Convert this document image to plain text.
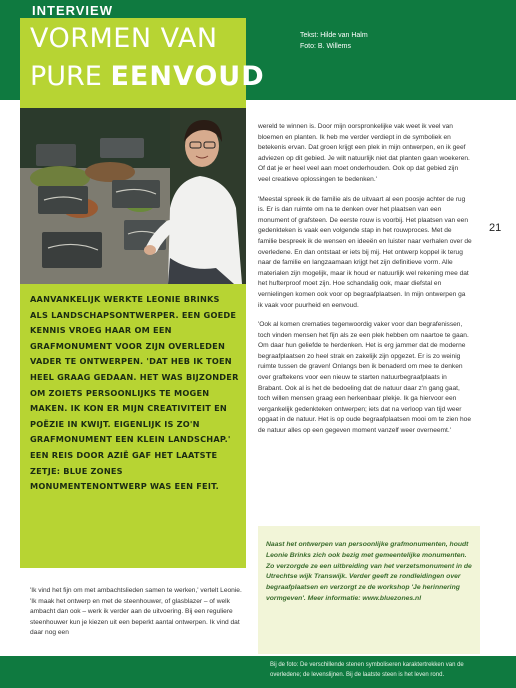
INTERVIEW
VORMEN VAN
PURE EENVOUD
Tekst: Hilde van Halm
Foto: B. Willems
21

AANVANKELIJK WERKTE LEONIE BRINKS ALS LANDSCHAPSONTWERPER. EEN GOEDE KENNIS VROEG HAAR OM EEN GRAFMONUMENT VOOR ZIJN OVERLEDEN VADER TE ONTWERPEN. 'DAT HEB IK TOEN HEEL GRAAG GEDAAN. HET WAS BIJZONDER OM ZOIETS PERSOONLIJKS TE MOGEN MAKEN. IK KON ER MIJN CREATIVITEIT EN POËZIE IN KWIJT. EIGENLIJK IS ZO'N GRAFMONUMENT EEN KLEIN LANDSCHAP.' EEN REIS DOOR AZIË GAF HET LAATSTE ZETJE: BLUE ZONES MONUMENTENONTWERP WAS EEN FEIT.

'Ik vind het fijn om met ambachtslieden samen te werken,' vertelt Leonie. 'Ik maak het ontwerp en met de steenhouwer, of glasblazer – of welk ambacht dan ook – werk ik verder aan de uitvoering. Bij een reguliere steenhouwer kun je kiezen uit een beperkt aantal ontwerpen. Ik vind dat daar nog een

wereld te winnen is. Door mijn oorspronkelijke vak weet ik veel van bloemen en planten. Ik heb me verder verdiept in de symboliek en betekenis ervan. Dat groen krijgt een plek in mijn ontwerpen, en ik geef adviezen op dit gebied. Je wilt natuurlijk niet dat planten gaan woekeren. Of dat je er heel veel aan moet onderhouden. Ook op dat gebied zijn veel creatieve oplossingen te bedenken.'

'Meestal spreek ik de familie als de uitvaart al een poosje achter de rug is. Er is dan ruimte om na te denken over het plaatsen van een monument of grafsteen. De eerste rouw is voorbij. Het plaatsen van een gedenkteken is vaak een volgende stap in het rouwproces. Met de familie bespreek ik de wensen en ideeën en luister naar verhalen over de overledene. En dan ontstaat er iets bij mij. Het ontwerp koppel ik terug naar de familie en langzaamaan krijgt het zijn definitieve vorm. Alle materialen zijn mogelijk, maar ik houd er natuurlijk wel rekening mee dat het hufterproof moet zijn. Hoe schandalig ook, maar diefstal en vernielingen komen ook voor op begraafplaatsen. In mijn ontwerpen ga ik vaak voor puurheid en eenvoud.

'Ook al komen crematies tegenwoordig vaker voor dan begrafenissen, toch vinden mensen het fijn als ze een plek hebben om naartoe te gaan. Om daar hun geliefde te herdenken. Het is erg jammer dat de moderne begraafplaatsen zo heel strak en zakelijk zijn opgezet. Er is zo weinig ruimte tussen de graven! Onlangs ben ik benaderd om mee te denken over graftekens voor een nieuw te starten natuurbegraafplaats in Brabant. Ook al is het de bedoeling dat de natuur daar z'n gang gaat, toch willen mensen graag een herkenbaar plekje. Ik ga hiervoor een vergankelijk gedenkteken ontwerpen; iets dat na verloop van tijd weer opgaat in de natuur. Het is op oude begraafplaatsen mooi om te zien hoe de natuur alles op een gegeven moment vanzelf weer overneemt.'

Naast het ontwerpen van persoonlijke grafmonumenten, houdt Leonie Brinks zich ook bezig met gemeentelijke monumenten. Zo verzorgde ze een uitbreiding van het verzetsmonument in de Utrechtse wijk Transwijk. Verder geeft ze rondleidingen over begraafplaatsen en verzorgt ze de workshop 'Je herinnering vormgeven'. Meer informatie: www.bluezones.nl

Bij de foto: De verschillende stenen symboliseren karaktertrekken van de overledene; de levenslijnen. Bij de laatste steen is het leven rond.
